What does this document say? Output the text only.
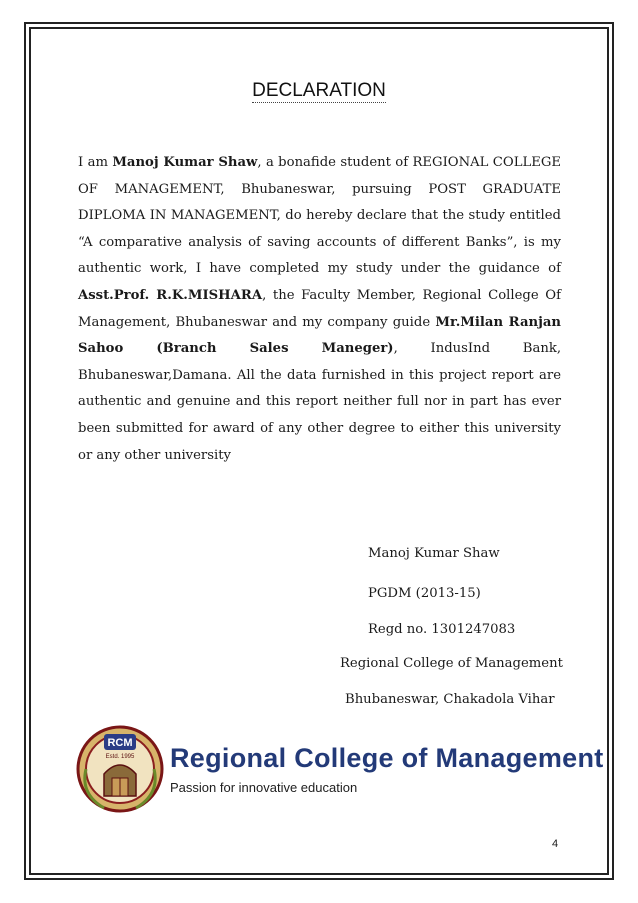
DECLARATION
I am Manoj Kumar Shaw, a bonafide student of REGIONAL COLLEGE OF MANAGEMENT, Bhubaneswar, pursuing POST GRADUATE DIPLOMA IN MANAGEMENT, do hereby declare that the study entitled “A comparative analysis of saving accounts of different Banks”, is my authentic work, I have completed my study under the guidance of Asst.Prof. R.K.MISHARA, the Faculty Member, Regional College Of Management, Bhubaneswar and my company guide Mr.Milan Ranjan Sahoo (Branch Sales Maneger), IndusInd Bank, Bhubaneswar,Damana. All the data furnished in this project report are authentic and genuine and this report neither full nor in part has ever been submitted for award of any other degree to either this university or any other university
Manoj Kumar Shaw
PGDM (2013-15)
Regd no. 1301247083
Regional College of Management
Bhubaneswar, Chakadola Vihar
RCM
Estd. 1995 Regional College of Management
Passion for innovative education
4
